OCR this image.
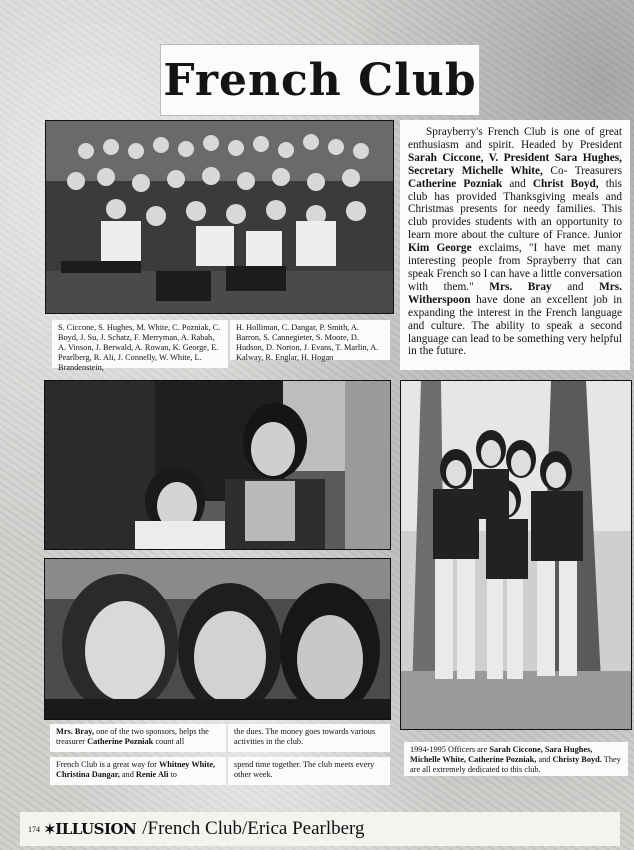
French Club
S. Ciccone, S. Hughes, M. White, C. Pozniak, C. Boyd, J. Su, J. Schatz, F. Merryman, A. Rabah, A. Vinson, J. Berwald, A. Rowan, K. George, E. Pearlberg, R. Ali, J. Connelly, W. White, L. Brandenstein,
H. Holliman, C. Dangar, P. Smith, A. Barron, S. Cannegieter, S. Moore, D. Hudson, D. Norton, J. Evans, T. Marlin, A. Kalway, R. Englar, H. Hogan
Sprayberry's French Club is one of great enthusiasm and spirit. Headed by President Sarah Ciccone, V. President Sara Hughes, Secretary Michelle White, Co- Treasurers Catherine Pozniak and Christ Boyd, this club has provided Thanksgiving meals and Christmas presents for needy families. This club provides students with an opportunity to learn more about the culture of France. Junior Kim George exclaims, "I have met many interesting people from Sprayberry that can speak French so I can have a little conversation with them." Mrs. Bray and Mrs. Witherspoon have done an excellent job in expanding the interest in the French language and culture. The ability to speak a second language can lead to be something very helpful in the future.
Mrs. Bray, one of the two sponsors, helps the treasurer Catherine Pozniak count all
the dues. The money goes towards various activities in the club.
French Club is a great way for Whitney White, Christina Dangar, and Renie Ali to
spend time together. The club meets every other week.
1994-1995 Officers are Sarah Ciccone, Sara Hughes, Michelle White, Catherine Pozniak, and Christy Boyd. They are all extremely dedicated to this club.
174 ✶ILLUSION /French Club/Erica Pearlberg
